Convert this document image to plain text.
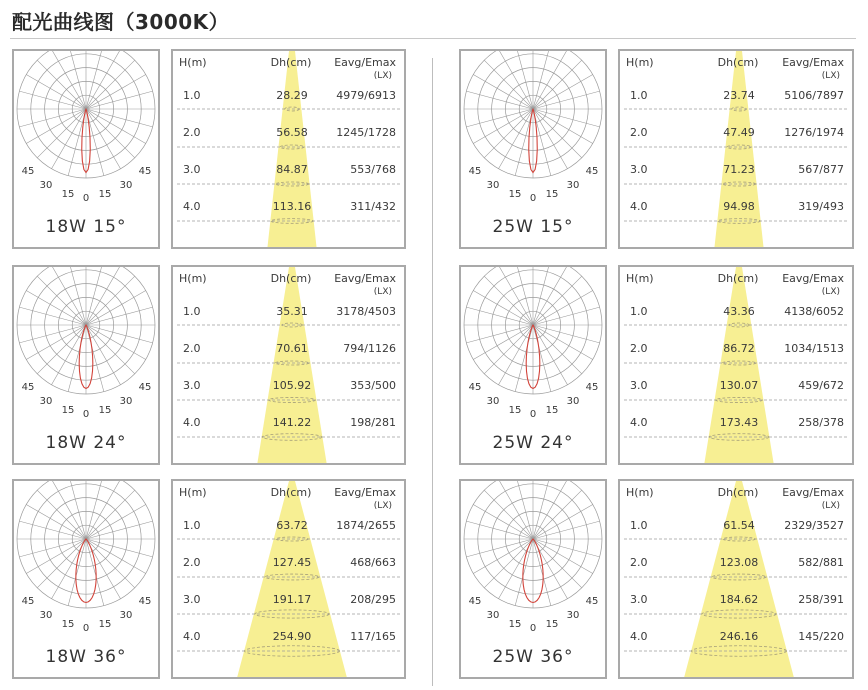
配光曲线图（3000K）
45
30
15 0 15
30
45
18W 15°
H(m)	Dh(cm) Eavg/Emax
(LX)
1.0	28.29	4979/6913
2.0	56.58	1245/1728
3.0	84.87	553/768
4.0	113.16	311/432
45
30
15 0 15
30
45
25W 15°
H(m)	Dh(cm) Eavg/Emax
(LX)
1.0	23.74	5106/7897
2.0	47.49	1276/1974
3.0	71.23	567/877
4.0	94.98	319/493
45
30
15 0 15
30
45
18W 24°
H(m)	Dh(cm) Eavg/Emax
(LX)
1.0	35.31	3178/4503
2.0	70.61	794/1126
3.0	105.92	353/500
4.0	141.22	198/281
45
30
15 0 15
30
45
25W 24°
H(m)	Dh(cm) Eavg/Emax
(LX)
1.0	43.36	4138/6052
2.0	86.72	1034/1513
3.0	130.07	459/672
4.0	173.43	258/378
45
30
15 0 15
30
45
18W 36°
H(m)	Dh(cm) Eavg/Emax
(LX)
1.0	63.72	1874/2655
2.0	127.45	468/663
3.0	191.17	208/295
4.0	254.90	117/165
45
30
15 0 15
30
45
25W 36°
H(m)	Dh(cm) Eavg/Emax
(LX)
1.0	61.54	2329/3527
2.0	123.08	582/881
3.0	184.62	258/391
4.0	246.16	145/220
